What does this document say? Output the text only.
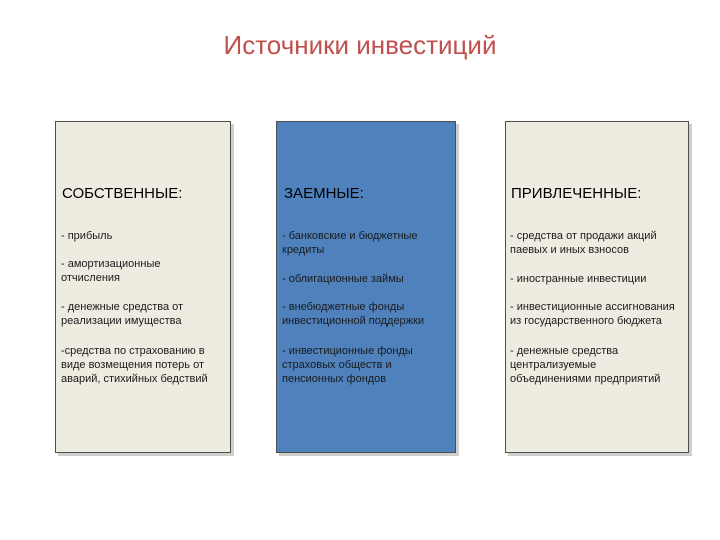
Источники инвестиций
СОБСТВЕННЫЕ:
- прибыль
- амортизационные
отчисления
- денежные средства от
реализации имущества
-средства по страхованию в
виде возмещения потерь от
аварий, стихийных бедствий
ЗАЕМНЫЕ:
- банковские и бюджетные
кредиты
- облигационные займы
- внебюджетные фонды
инвестиционной поддержки
- инвестиционные фонды
страховых обществ и
пенсионных фондов
ПРИВЛЕЧЕННЫЕ:
- средства от продажи акций
паевых и иных взносов
- иностранные инвестиции
- инвестиционные ассигнования
из государственного бюджета
- денежные средства
централизуемые
объединениями предприятий
